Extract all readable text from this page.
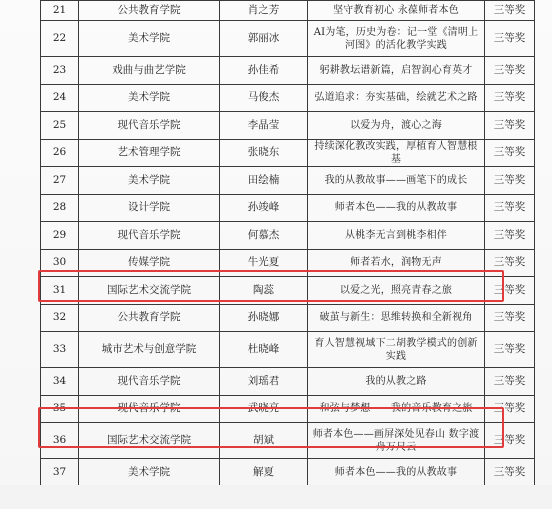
21	公共教育学院	肖之芳	坚守教育初心 永葆师者本色	三等奖
22	美术学院	郭丽冰	AI为笔，历史为卷：记一堂《清明上河图》的活化教学实践	三等奖
23	戏曲与曲艺学院	孙佳希	躬耕教坛谱新篇，启智润心育英才	三等奖
24	美术学院	马俊杰	弘道追求：夯实基础，绘就艺术之路	三等奖
25	现代音乐学院	李晶莹	以爱为舟，渡心之海	三等奖
26	艺术管理学院	张晓东	持续深化教改实践，厚植育人智慧根基	三等奖
27	美术学院	田绘楠	我的从教故事——画笔下的成长	三等奖
28	设计学院	孙竣峰	师者本色——我的从教故事	三等奖
29	现代音乐学院	何慕杰	从桃李无言到桃李相伴	三等奖
30	传媒学院	牛光夏	师者若水，润物无声	三等奖
31	国际艺术交流学院	陶蕊	以爱之光，照亮青春之旅	三等奖
32	公共教育学院	孙晓娜	破茧与新生：思维转换和全新视角	三等奖
33	城市艺术与创意学院	杜晓峰	育人智慧视域下二胡教学模式的创新实践	三等奖
34	现代音乐学院	刘瑶君	我的从教之路	三等奖
35	现代音乐学院	武晓亮	和弦与梦想——我的音乐教育之旅	三等奖
36	国际艺术交流学院	胡斌	师者本色——画屏深处见春山 数字渡舟万尺云	三等奖
37	美术学院	解夏	师者本色——我的从教故事	三等奖
